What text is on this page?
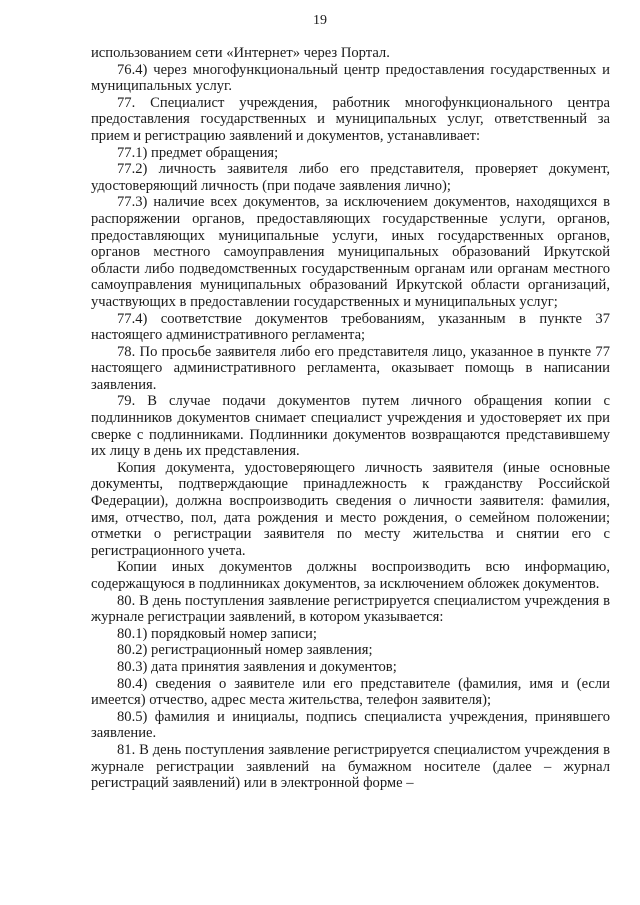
19

использованием сети «Интернет» через Портал.

76.4) через многофункциональный центр предоставления государственных и муниципальных услуг.

77. Специалист учреждения, работник многофункционального центра предоставления государственных и муниципальных услуг, ответственный за прием и регистрацию заявлений и документов, устанавливает:

77.1) предмет обращения;

77.2) личность заявителя либо его представителя, проверяет документ, удостоверяющий личность (при подаче заявления лично);

77.3) наличие всех документов, за исключением документов, находящихся в распоряжении органов, предоставляющих государственные услуги, органов, предоставляющих муниципальные услуги, иных государственных органов, органов местного самоуправления муниципальных образований Иркутской области либо подведомственных государственным органам или органам местного самоуправления муниципальных образований Иркутской области организаций, участвующих в предоставлении государственных и муниципальных услуг;

77.4) соответствие документов требованиям, указанным в пункте 37 настоящего административного регламента;

78. По просьбе заявителя либо его представителя лицо, указанное в пункте 77 настоящего административного регламента, оказывает помощь в написании заявления.

79. В случае подачи документов путем личного обращения копии с подлинников документов снимает специалист учреждения и удостоверяет их при сверке с подлинниками. Подлинники документов возвращаются представившему их лицу в день их представления.

Копия документа, удостоверяющего личность заявителя (иные основные документы, подтверждающие принадлежность к гражданству Российской Федерации), должна воспроизводить сведения о личности заявителя: фамилия, имя, отчество, пол, дата рождения и место рождения, о семейном положении; отметки о регистрации заявителя по месту жительства и снятии его с регистрационного учета.

Копии иных документов должны воспроизводить всю информацию, содержащуюся в подлинниках документов, за исключением обложек документов.

80. В день поступления заявление регистрируется специалистом учреждения в журнале регистрации заявлений, в котором указывается:

80.1) порядковый номер записи;

80.2) регистрационный номер заявления;

80.3) дата принятия заявления и документов;

80.4) сведения о заявителе или его представителе (фамилия, имя и (если имеется) отчество, адрес места жительства, телефон заявителя);

80.5) фамилия и инициалы, подпись специалиста учреждения, принявшего заявление.

81. В день поступления заявление регистрируется специалистом учреждения в журнале регистрации заявлений на бумажном носителе (далее – журнал регистраций заявлений) или в электронной форме –
